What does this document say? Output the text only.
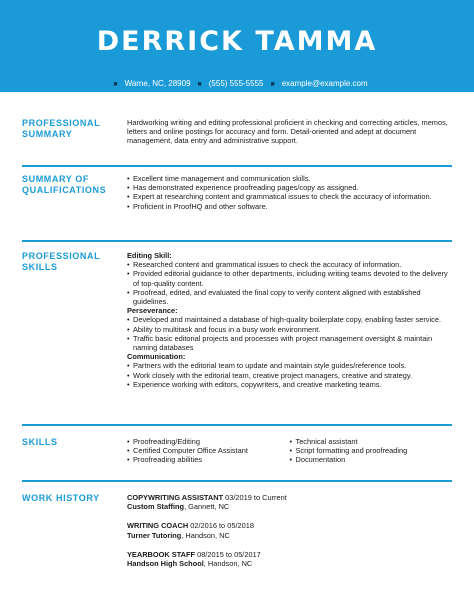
DERRICK TAMMA
■ Warne, NC, 28909 ■ (555) 555-5555 ■ example@example.com
PROFESSIONAL
SUMMARY
Hardworking writing and editing professional proficient in checking and correcting articles, memos, letters and online postings for accuracy and form. Detail-oriented and adept at document management, data entry and administrative support.
SUMMARY OF
QUALIFICATIONS
• Excellent time management and communication skills.
• Has demonstrated experience proofreading pages/copy as assigned.
• Expert at researching content and grammatical issues to check the accuracy of information.
• Proficient in ProofHQ and other software.
PROFESSIONAL
SKILLS
Editing Skill:
• Researched content and grammatical issues to check the accuracy of information.
• Provided editorial guidance to other departments, including writing teams devoted to the delivery of top-quality content.
• Proofread, edited, and evaluated the final copy to verify content aligned with established guidelines.
Perseverance:
• Developed and maintained a database of high-quality boilerplate copy, enabling faster service.
• Ability to multitask and focus in a busy work environment.
• Traffic basic editorial projects and processes with project management oversight & maintain naming databases
Communication:
• Partners with the editorial team to update and maintain style guides/reference tools.
• Work closely with the editorial team, creative project managers, creative and strategy.
• Experience working with editors, copywriters, and creative marketing teams.
SKILLS
•	Proofreading/Editing
• Certified Computer Office Assistant
• Proofreading abilities
• Technical assistant
• Script formatting and proofreading
• Documentation
WORK HISTORY	COPYWRITING ASSISTANT 03/2019 to Current
Custom Staffing, Gannett, NC
WRITING COACH 02/2016 to 05/2018
Turner Tutoring, Handson, NC
YEARBOOK STAFF 08/2015 to 05/2017
Handson High School, Handson, NC
